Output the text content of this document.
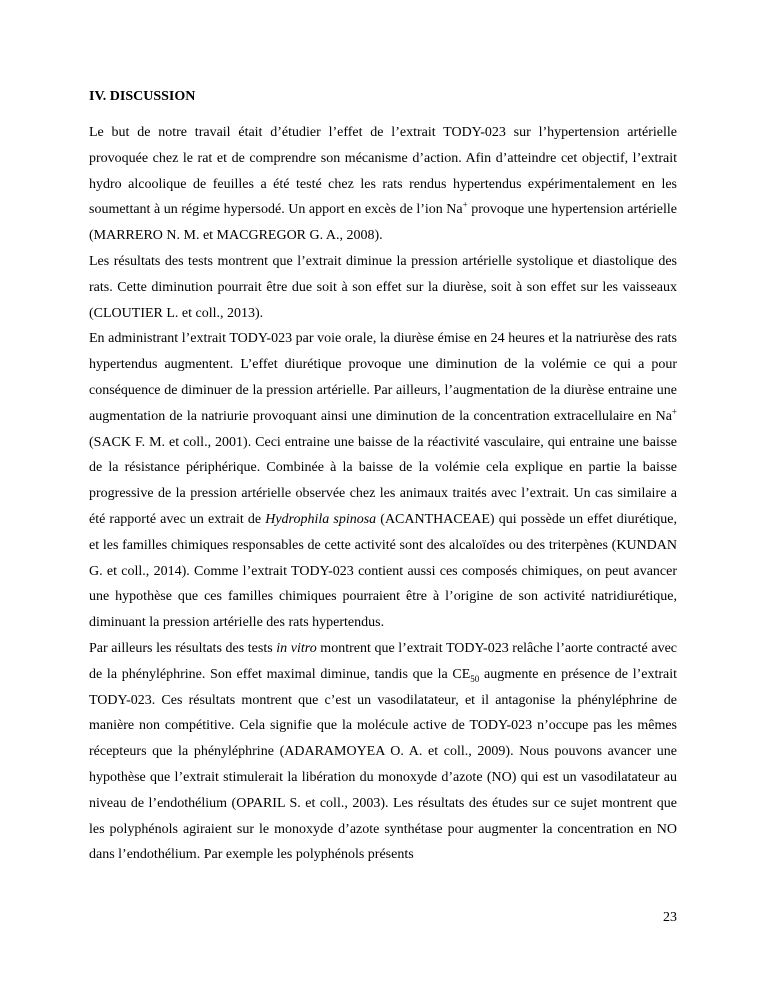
IV. DISCUSSION

Le but de notre travail était d’étudier l’effet de l’extrait TODY-023 sur l’hypertension artérielle provoquée chez le rat et de comprendre son mécanisme d’action. Afin d’atteindre cet objectif, l’extrait hydro alcoolique de feuilles a été testé chez les rats rendus hypertendus expérimentalement en les soumettant à un régime hypersodé. Un apport en excès de l’ion Na+ provoque une hypertension artérielle (MARRERO N. M. et MACGREGOR G. A., 2008).

Les résultats des tests montrent que l’extrait diminue la pression artérielle systolique et diastolique des rats. Cette diminution pourrait être due soit à son effet sur la diurèse, soit à son effet sur les vaisseaux (CLOUTIER L. et coll., 2013).

En administrant l’extrait TODY-023 par voie orale, la diurèse émise en 24 heures et la natriurèse des rats hypertendus augmentent. L’effet diurétique provoque une diminution de la volémie ce qui a pour conséquence de diminuer de la pression artérielle. Par ailleurs, l’augmentation de la diurèse entraine une augmentation de la natriurie provoquant ainsi une diminution de la concentration extracellulaire en Na+ (SACK F. M. et coll., 2001). Ceci entraine une baisse de la réactivité vasculaire, qui entraine une baisse de la résistance périphérique. Combinée à la baisse de la volémie cela explique en partie la baisse progressive de la pression artérielle observée chez les animaux traités avec l’extrait. Un cas similaire a été rapporté avec un extrait de Hydrophila spinosa (ACANTHACEAE) qui possède un effet diurétique, et les familles chimiques responsables de cette activité sont des alcaloïdes ou des triterpènes (KUNDAN G. et coll., 2014). Comme l’extrait TODY-023 contient aussi ces composés chimiques, on peut avancer une hypothèse que ces familles chimiques pourraient être à l’origine de son activité natridiurétique, diminuant la pression artérielle des rats hypertendus.

Par ailleurs les résultats des tests in vitro montrent que l’extrait TODY-023 relâche l’aorte contracté avec de la phényléphrine. Son effet maximal diminue, tandis que la $CE_{50}$ augmente en présence de l’extrait TODY-023. Ces résultats montrent que c’est un vasodilatateur, et il antagonise la phényléphrine de manière non compétitive. Cela signifie que la molécule active de TODY-023 n’occupe pas les mêmes récepteurs que la phényléphrine (ADARAMOYEA O. A. et coll., 2009). Nous pouvons avancer une hypothèse que l’extrait stimulerait la libération du monoxyde d’azote (NO) qui est un vasodilatateur au niveau de l’endothélium (OPARIL S. et coll., 2003). Les résultats des études sur ce sujet montrent que les polyphénols agiraient sur le monoxyde d’azote synthétase pour augmenter la concentration en NO dans l’endothélium. Par exemple les polyphénols présents

23
